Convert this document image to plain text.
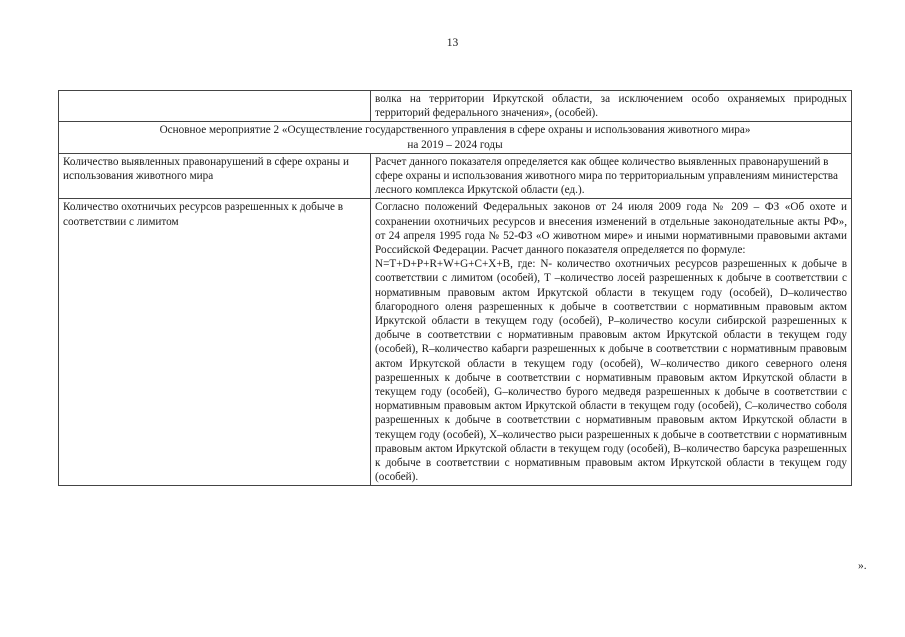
13
	волка на территории Иркутской области, за исключением особо охраняемых природных территорий федерального значения», (особей).

Основное мероприятие 2 «Осуществление государственного управления в сфере охраны и использования животного мира»
на 2019 – 2024 годы	

Количество выявленных правонарушений в сфере охраны и использования животного мира	Расчет данного показателя определяется как общее количество выявленных правонарушений в сфере охраны и использования животного мира по территориальным управлениям министерства лесного комплекса Иркутской области (ед.).
Количество охотничьих ресурсов разрешенных к добыче в соответствии с лимитом	Согласно положений Федеральных законов от 24 июля 2009 года № 209 – ФЗ «Об охоте и сохранении охотничьих ресурсов и внесения изменений в отдельные законодательные акты РФ», от 24 апреля 1995 года № 52-ФЗ «О животном мире» и иными нормативными правовыми актами Российской Федерации. Расчет данного показателя определяется по формуле:
N=T+D+P+R+W+G+C+X+B, где: N- количество охотничьих ресурсов разрешенных к добыче в соответствии с лимитом (особей), T –количество лосей разрешенных к добыче в соответствии с нормативным правовым актом Иркутской области в текущем году (особей), D–количество благородного оленя разрешенных к добыче в соответствии с нормативным правовым актом Иркутской области в текущем году (особей), P–количество косули сибирской разрешенных к добыче в соответствии с нормативным правовым актом Иркутской области в текущем году (особей), R–количество кабарги разрешенных к добыче в соответствии с нормативным правовым актом Иркутской области в текущем году (особей), W–количество дикого северного оленя разрешенных к добыче в соответствии с нормативным правовым актом Иркутской области в текущем году (особей), G–количество бурого медведя разрешенных к добыче в соответствии с нормативным правовым актом Иркутской области в текущем году (особей), C–количество соболя разрешенных к добыче в соответствии с нормативным правовым актом Иркутской области в текущем году (особей), X–количество рыси разрешенных к добыче в соответствии с нормативным правовым актом Иркутской области в текущем году (особей), B–количество барсука разрешенных к добыче в соответствии с нормативным правовым актом Иркутской области в текущем году (особей).
».
